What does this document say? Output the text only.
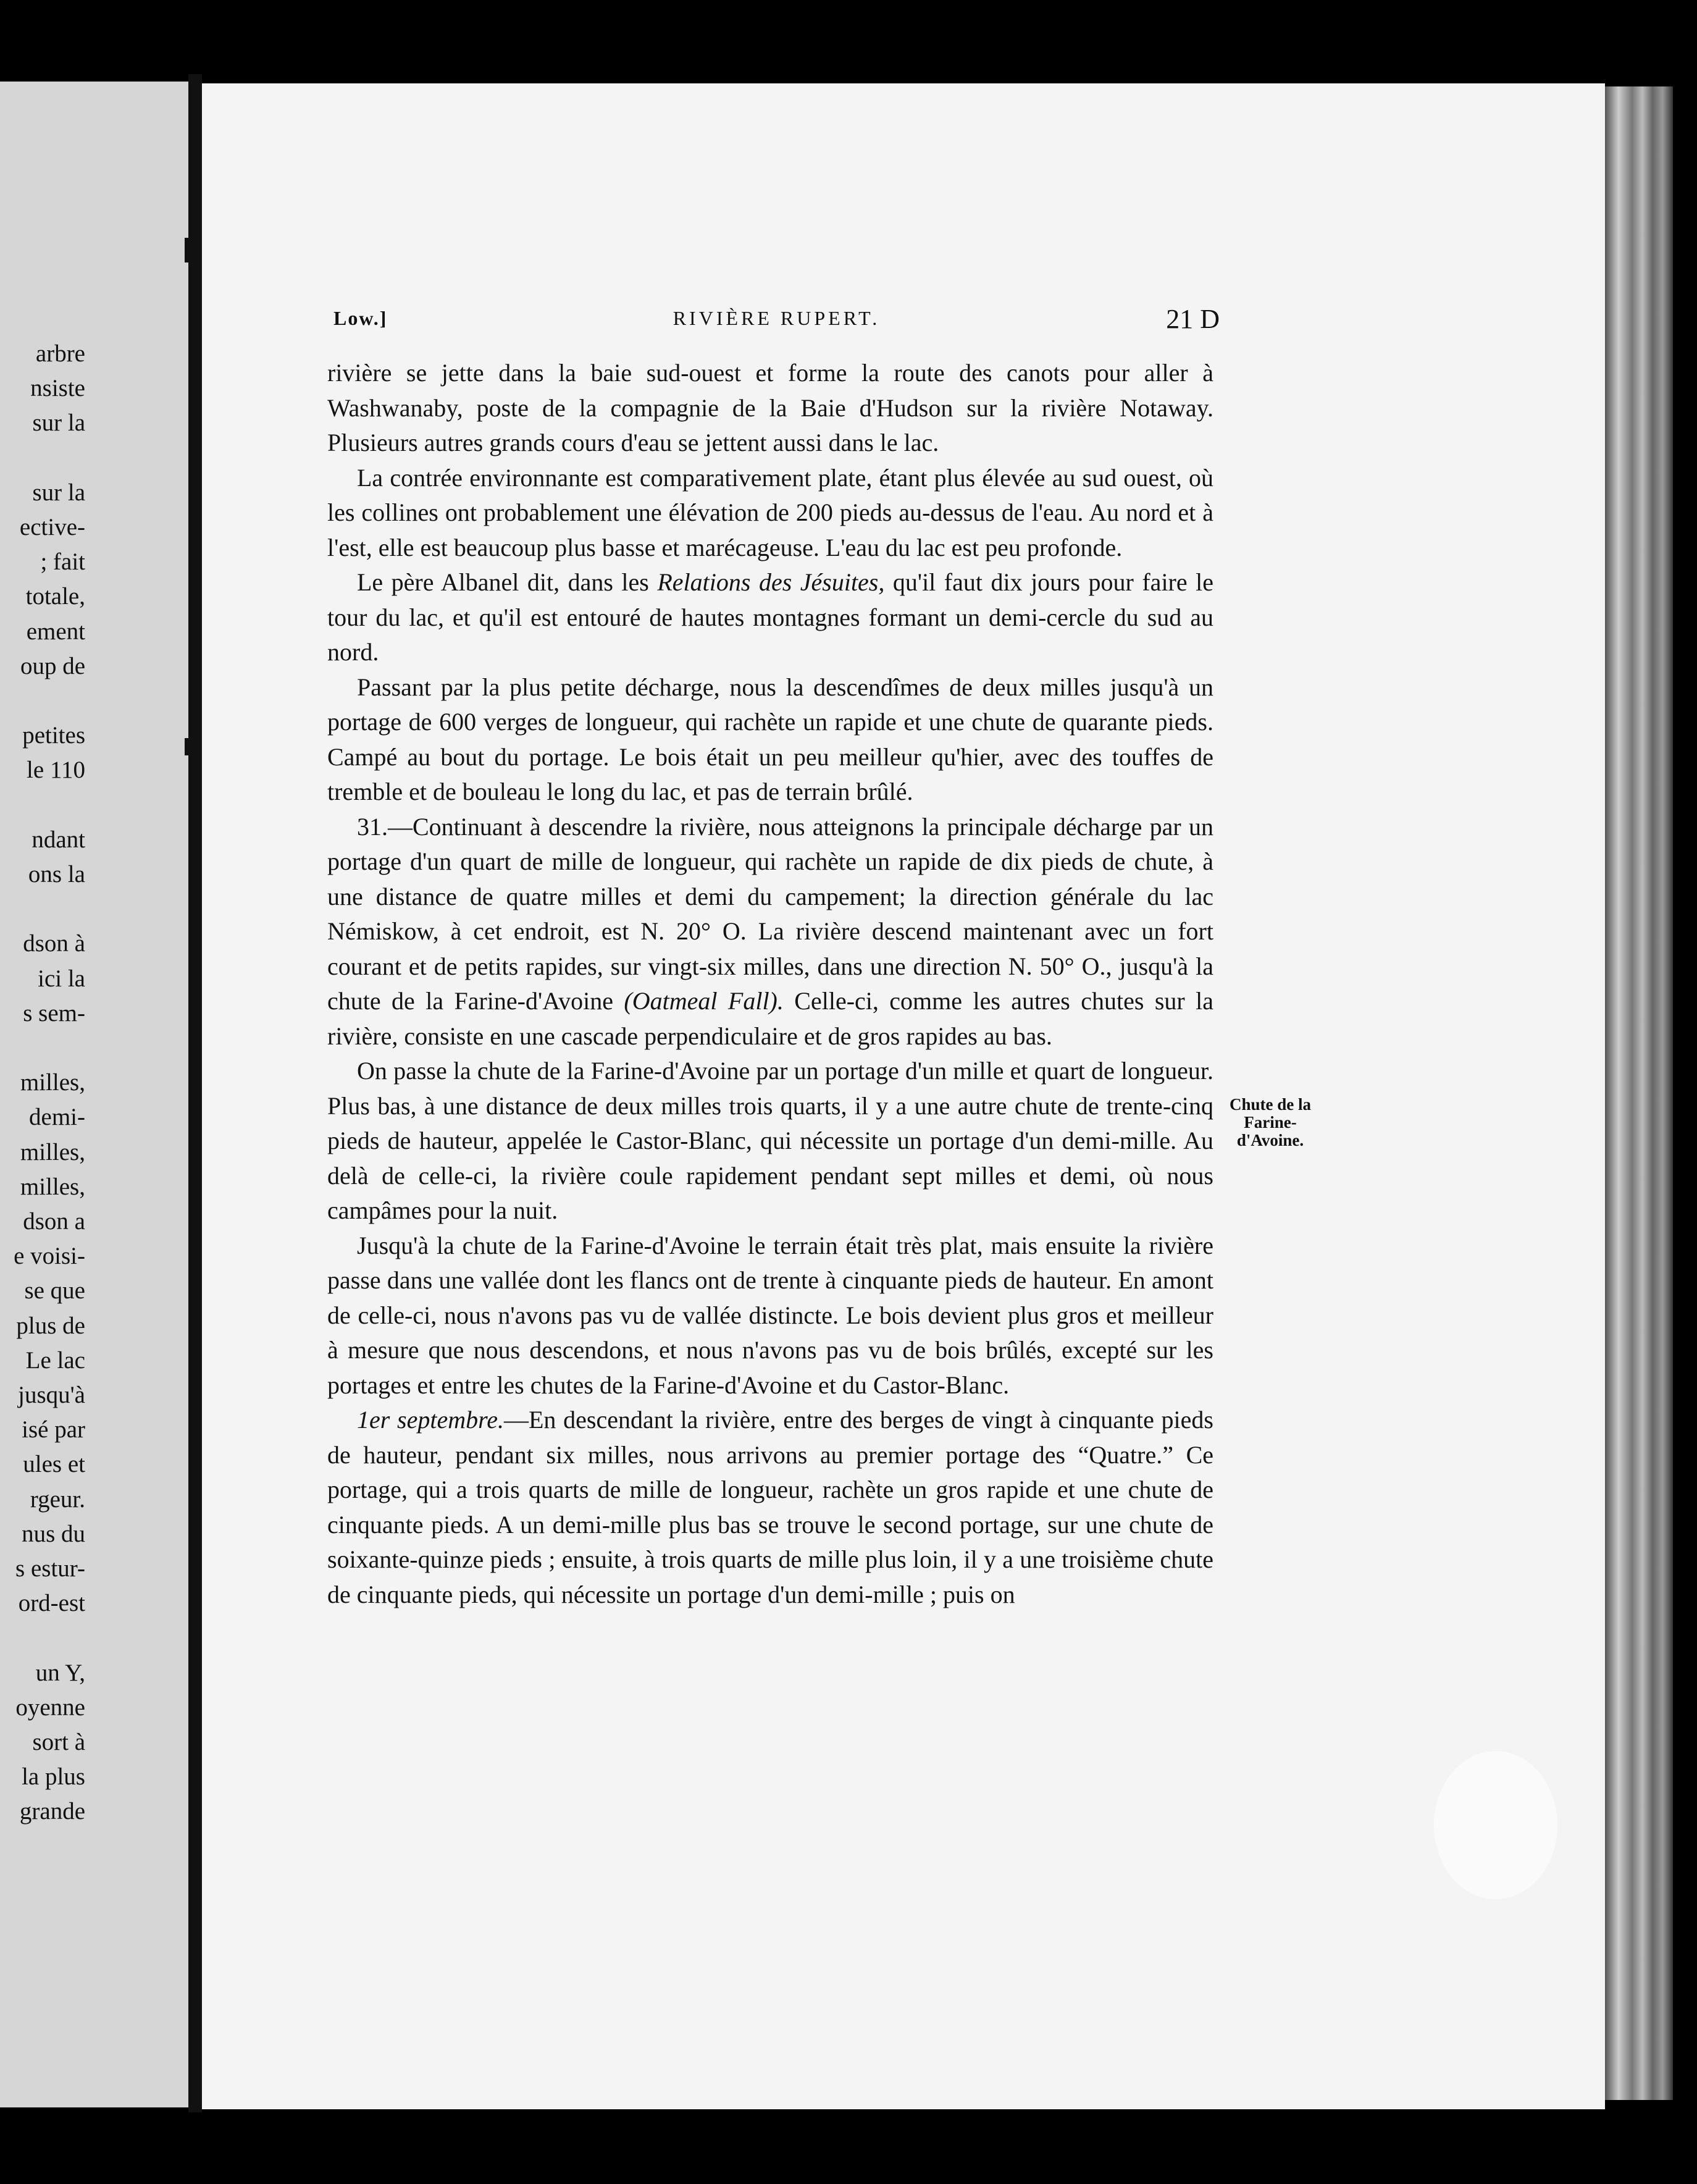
arbre
nsiste
sur la
sur la
ective-
; fait
totale,
ement
oup de
petites
le 110
ndant
ons la
dson à
ici la
s sem-
milles,
demi-
milles,
milles,
dson a
e voisi-
se que
plus de
Le lac
jusqu'à
isé par
ules et
rgeur.
nus du
s estur-
ord-est
un Y,
oyenne
sort à
la plus
grande
Low.]	RIVIÈRE RUPERT.	21 D

rivière se jette dans la baie sud-ouest et forme la route des canots pour aller à Washwanaby, poste de la compagnie de la Baie d'Hudson sur la rivière Notaway. Plusieurs autres grands cours d'eau se jettent aussi dans le lac.

La contrée environnante est comparativement plate, étant plus élevée au sud ouest, où les collines ont probablement une élévation de 200 pieds au-dessus de l'eau. Au nord et à l'est, elle est beaucoup plus basse et marécageuse. L'eau du lac est peu profonde.

Le père Albanel dit, dans les Relations des Jésuites, qu'il faut dix jours pour faire le tour du lac, et qu'il est entouré de hautes montagnes formant un demi-cercle du sud au nord.

Passant par la plus petite décharge, nous la descendîmes de deux milles jusqu'à un portage de 600 verges de longueur, qui rachète un rapide et une chute de quarante pieds. Campé au bout du portage. Le bois était un peu meilleur qu'hier, avec des touffes de tremble et de bouleau le long du lac, et pas de terrain brûlé.

31.—Continuant à descendre la rivière, nous atteignons la principale décharge par un portage d'un quart de mille de longueur, qui rachète un rapide de dix pieds de chute, à une distance de quatre milles et demi du campement; la direction générale du lac Némiskow, à cet endroit, est N. 20° O. La rivière descend maintenant avec un fort courant et de petits rapides, sur vingt-six milles, dans une direction N. 50° O., jusqu'à la chute de la Farine-d'Avoine (Oatmeal Fall). Celle-ci, comme les autres chutes sur la rivière, consiste en une cascade perpendiculaire et de gros rapides au bas.

On passe la chute de la Farine-d'Avoine par un portage d'un mille et quart de longueur. Plus bas, à une distance de deux milles trois quarts, il y a une autre chute de trente-cinq pieds de hauteur, appelée le Castor-Blanc, qui nécessite un portage d'un demi-mille. Au delà de celle-ci, la rivière coule rapidement pendant sept milles et demi, où nous campâmes pour la nuit.

Jusqu'à la chute de la Farine-d'Avoine le terrain était très plat, mais ensuite la rivière passe dans une vallée dont les flancs ont de trente à cinquante pieds de hauteur. En amont de celle-ci, nous n'avons pas vu de vallée distincte. Le bois devient plus gros et meilleur à mesure que nous descendons, et nous n'avons pas vu de bois brûlés, excepté sur les portages et entre les chutes de la Farine-d'Avoine et du Castor-Blanc.

1er septembre.—En descendant la rivière, entre des berges de vingt à cinquante pieds de hauteur, pendant six milles, nous arrivons au premier portage des “Quatre.” Ce portage, qui a trois quarts de mille de longueur, rachète un gros rapide et une chute de cinquante pieds. A un demi-mille plus bas se trouve le second portage, sur une chute de soixante-quinze pieds ; ensuite, à trois quarts de mille plus loin, il y a une troisième chute de cinquante pieds, qui nécessite un portage d'un demi-mille ; puis on

Chute de la
Farine-
d'Avoine.
